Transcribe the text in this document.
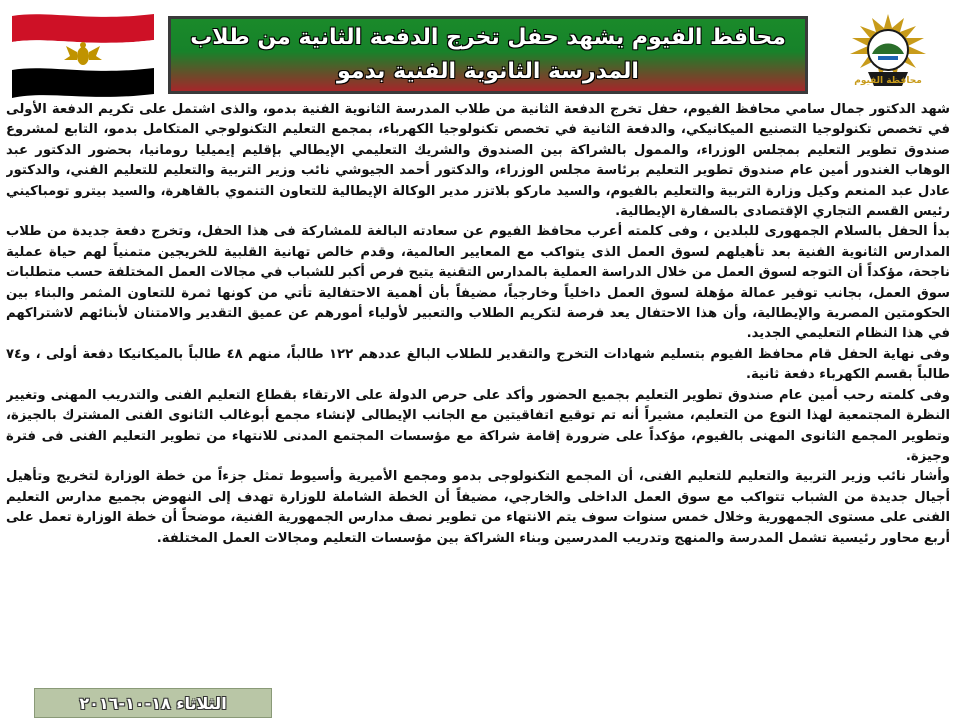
محافظ الفيوم يشهد حفل تخرج الدفعة الثانية من طلاب المدرسة الثانوية الفنية بدمو	محافظة الفيوم

شهد الدكتور جمال سامي محافظ الفيوم، حفل تخرج الدفعة الثانية من طلاب المدرسة الثانوية الفنية بدمو، والذى اشتمل على تكريم الدفعة الأولى في تخصص تكنولوجيا التصنيع الميكانيكي، والدفعة الثانية في تخصص تكنولوجيا الكهرباء، بمجمع التعليم التكنولوجي المتكامل بدمو، التابع لمشروع صندوق تطوير التعليم بمجلس الوزراء، والممول بالشراكة بين الصندوق والشريك التعليمي الإيطالي بإقليم إيميليا رومانيا، بحضور الدكتور عبد الوهاب الغندور أمين عام صندوق تطوير التعليم برئاسة مجلس الوزراء، والدكتور أحمد الجيوشي نائب وزير التربية والتعليم للتعليم الفني، والدكتور عادل عبد المنعم وكيل وزارة التربية والتعليم بالفيوم، والسيد ماركو بلاتزر مدير الوكالة الإيطالية للتعاون التنموي بالقاهرة، والسيد بيترو تومباكيني رئيس القسم التجاري الإقتصادى بالسفارة الإيطالية.

بدأ الحفل بالسلام الجمهورى للبلدين ، وفى كلمته أعرب محافظ الفيوم عن سعادته البالغة للمشاركة فى هذا الحفل، وتخرج دفعة جديدة من طلاب المدارس الثانوية الفنية بعد تأهيلهم لسوق العمل الذى يتواكب مع المعايير العالمية، وقدم خالص تهانية القلبية للخريجين متمنياً لهم حياة عملية ناجحة، مؤكداً أن التوجه لسوق العمل من خلال الدراسة العملية بالمدارس التقنية يتيح فرص أكبر للشباب في مجالات العمل المختلفة حسب متطلبات سوق العمل، بجانب توفير عمالة مؤهلة لسوق العمل داخلياً وخارجياً، مضيفاً بأن أهمية الاحتفالية تأتي من كونها ثمرة للتعاون المثمر والبناء بين الحكومتين المصرية والإيطالية، وأن هذا الاحتفال يعد فرصة لتكريم الطلاب والتعبير لأولياء أمورهم عن عميق التقدير والامتنان لأبنائهم لاشتراكهم في هذا النظام التعليمي الجديد.

وفى نهاية الحفل قام محافظ الفيوم بتسليم شهادات التخرج والتقدير للطلاب البالغ عددهم ١٢٢ طالباً، منهم ٤٨ طالباً بالميكانيكا دفعة أولى ، و٧٤ طالباً بقسم الكهرباء دفعة ثانية.

وفى كلمته رحب أمين عام صندوق تطوير التعليم بجميع الحضور وأكد على حرص الدولة على الارتقاء بقطاع التعليم الفنى والتدريب المهنى وتغيير النظرة المجتمعية لهذا النوع من التعليم، مشيراً أنه تم توقيع اتفاقيتين مع الجانب الإيطالى لإنشاء مجمع أبوغالب الثانوى الفنى المشترك بالجيزة، وتطوير المجمع الثانوى المهنى بالفيوم، مؤكداً على ضرورة إقامة شراكة مع مؤسسات المجتمع المدنى للانتهاء من تطوير التعليم الفنى فى فترة وجيزة.

وأشار نائب وزير التربية والتعليم للتعليم الفنى، أن المجمع التكنولوجى بدمو ومجمع الأميرية وأسيوط تمثل جزءاً من خطة الوزارة لتخريج وتأهيل أجيال جديدة من الشباب تتواكب مع سوق العمل الداخلى والخارجي، مضيفاً أن الخطة الشاملة للوزارة تهدف إلى النهوض بجميع مدارس التعليم الفنى على مستوى الجمهورية وخلال خمس سنوات سوف يتم الانتهاء من تطوير نصف مدارس الجمهورية الفنية، موضحاً أن خطة الوزارة تعمل على أربع محاور رئيسية تشمل المدرسة والمنهج وتدريب المدرسين وبناء الشراكة بين مؤسسات التعليم ومجالات العمل المختلفة.

الثلاثاء ١٨-١٠-٢٠١٦
